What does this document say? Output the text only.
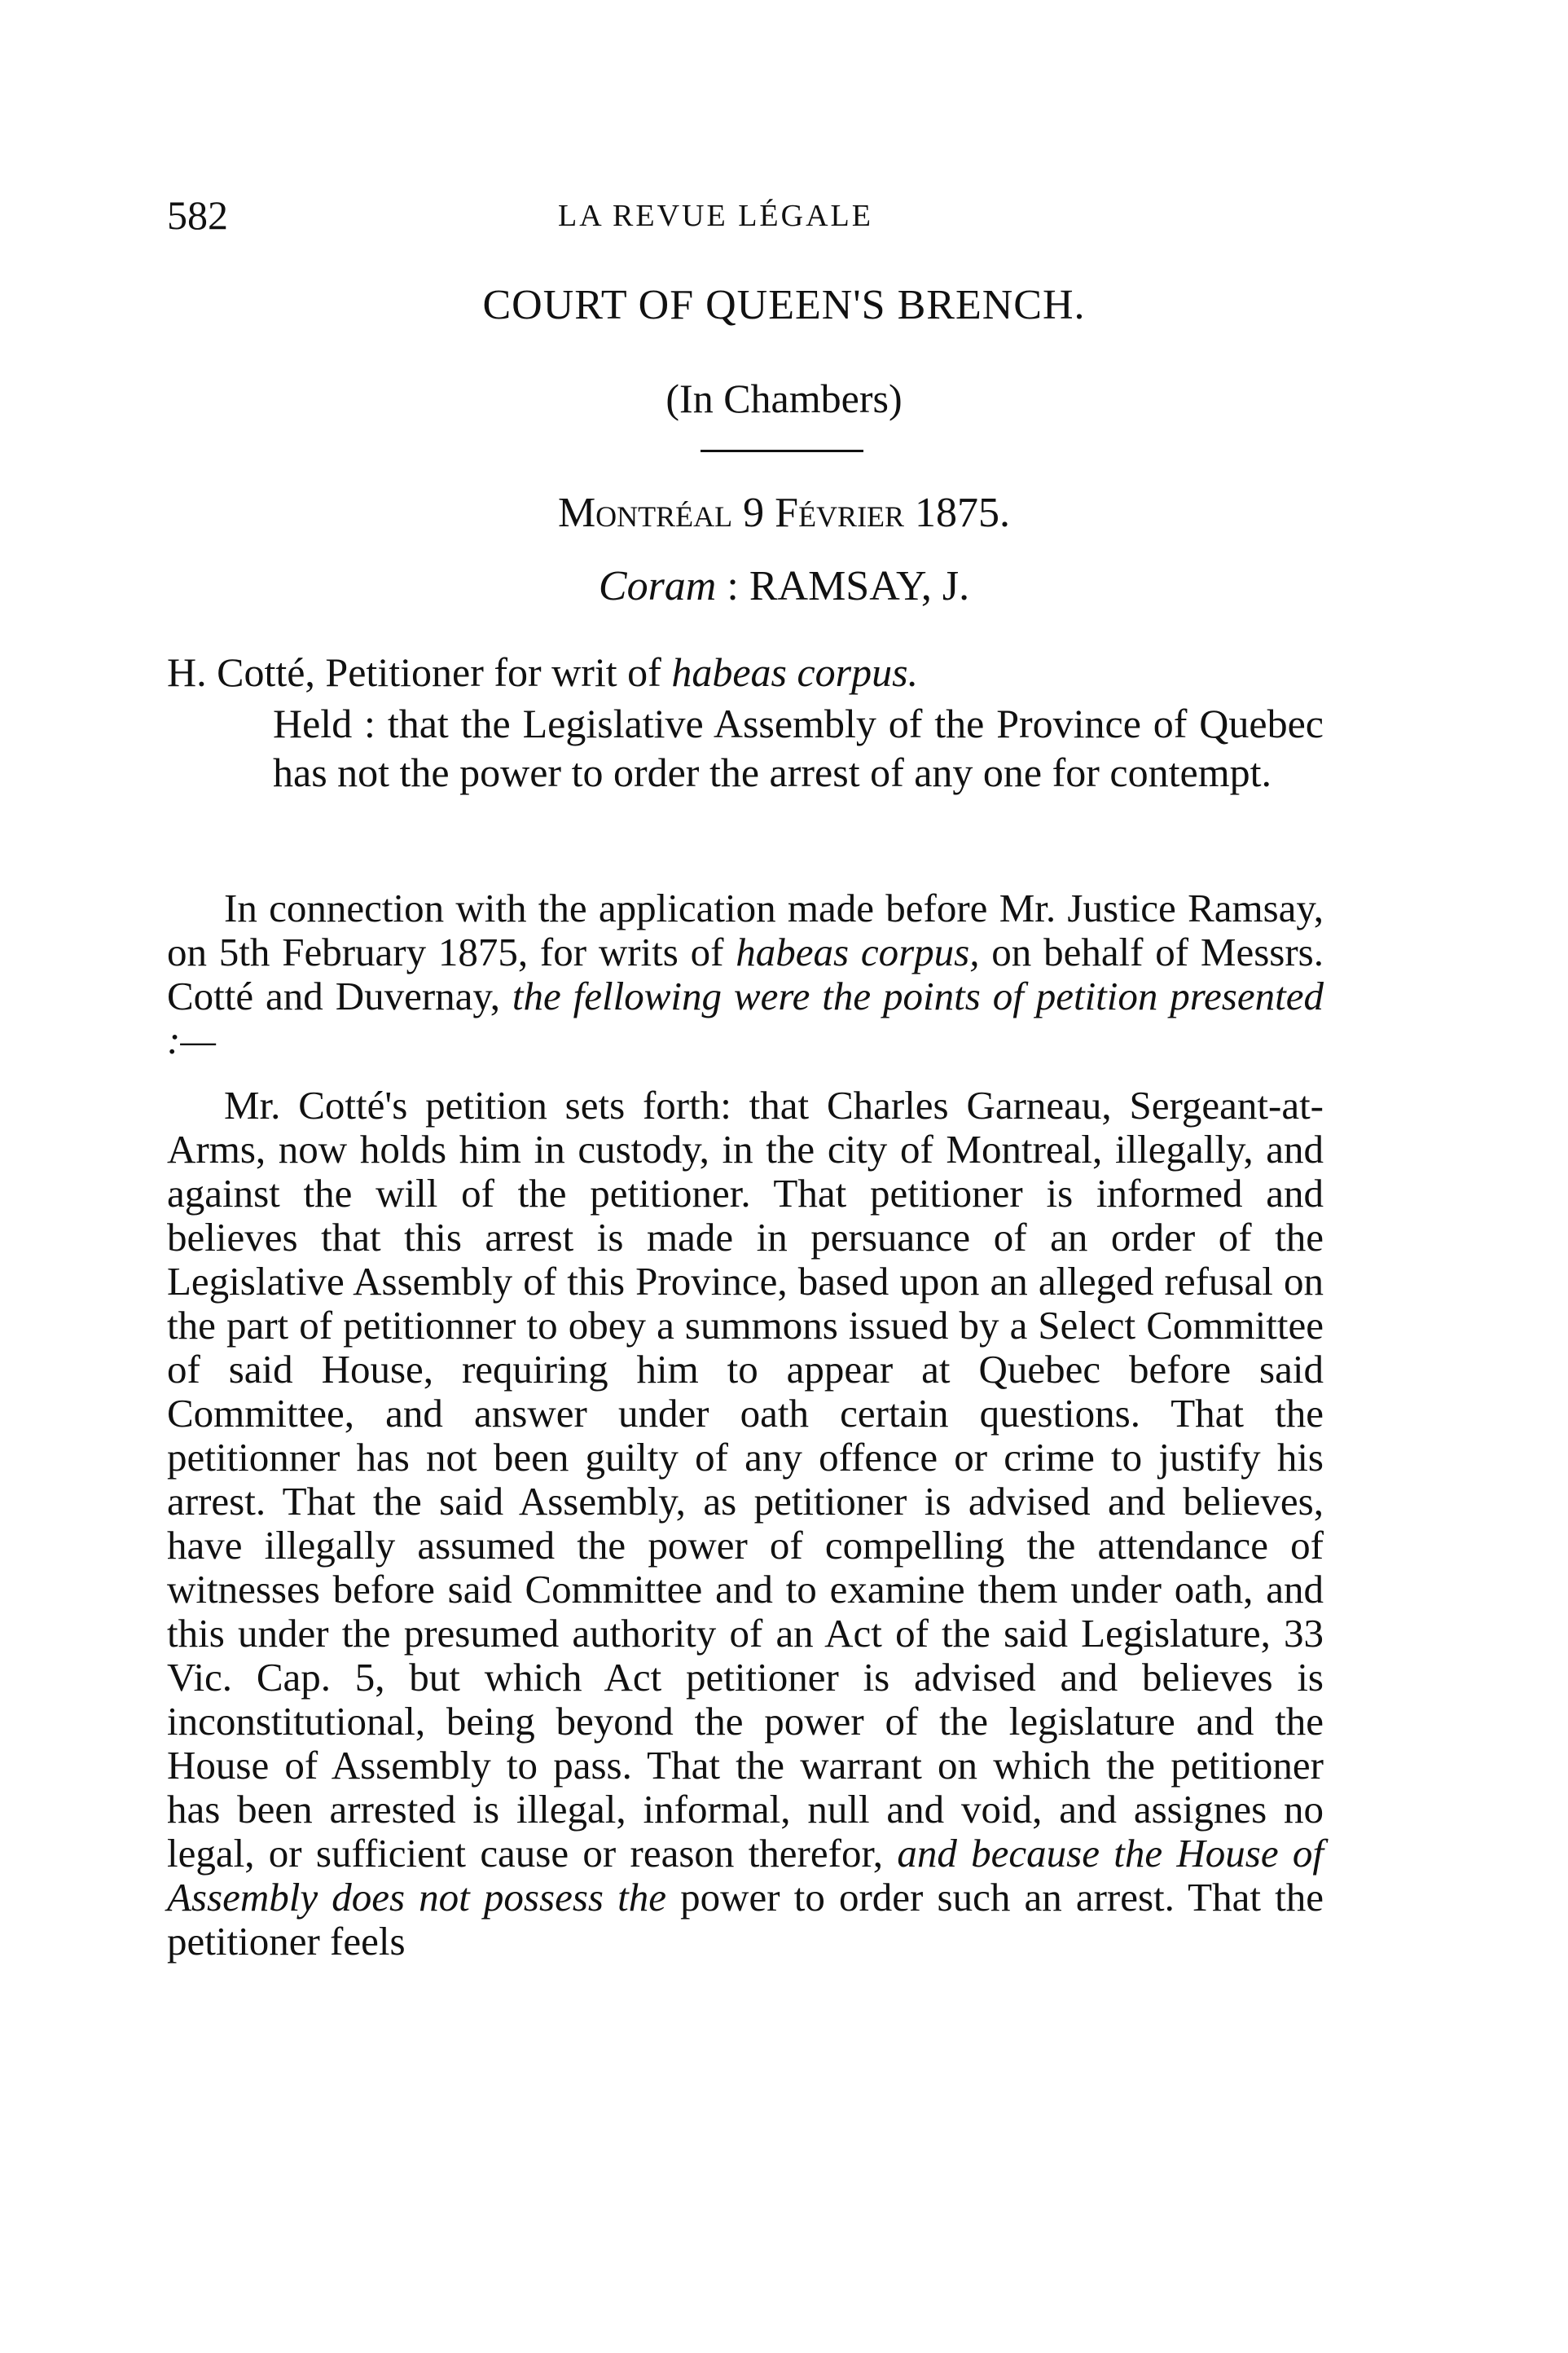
582	LA REVUE LÉGALE
COURT OF QUEEN'S BRENCH.
(In Chambers)
Montréal 9 Février 1875.
Coram : RAMSAY, J.
H. Cotté, Petitioner for writ of habeas corpus.
Held : that the Legislative Assembly of the Province of Quebec has not the power to order the arrest of any one for contempt.
In connection with the application made before Mr. Justice Ramsay, on 5th February 1875, for writs of habeas corpus, on behalf of Messrs. Cotté and Duvernay, the fellowing were the points of petition presented :—
Mr. Cotté's petition sets forth: that Charles Garneau, Sergeant-at-Arms, now holds him in custody, in the city of Montreal, illegally, and against the will of the petitioner. That petitioner is informed and believes that this arrest is made in persuance of an order of the Legislative Assembly of this Province, based upon an alleged refusal on the part of petitionner to obey a summons issued by a Select Committee of said House, requiring him to appear at Quebec before said Committee, and answer under oath certain questions. That the petitionner has not been guilty of any offence or crime to justify his arrest. That the said Assembly, as petitioner is advised and believes, have illegally assumed the power of compelling the attendance of witnesses before said Committee and to examine them under oath, and this under the presumed authority of an Act of the said Legislature, 33 Vic. Cap. 5, but which Act petitioner is advised and believes is inconstitutional, being beyond the power of the legislature and the House of Assembly to pass. That the warrant on which the petitioner has been arrested is illegal, informal, null and void, and assignes no legal, or sufficient cause or reason therefor, and because the House of Assembly does not possess the power to order such an arrest. That the petitioner feels
